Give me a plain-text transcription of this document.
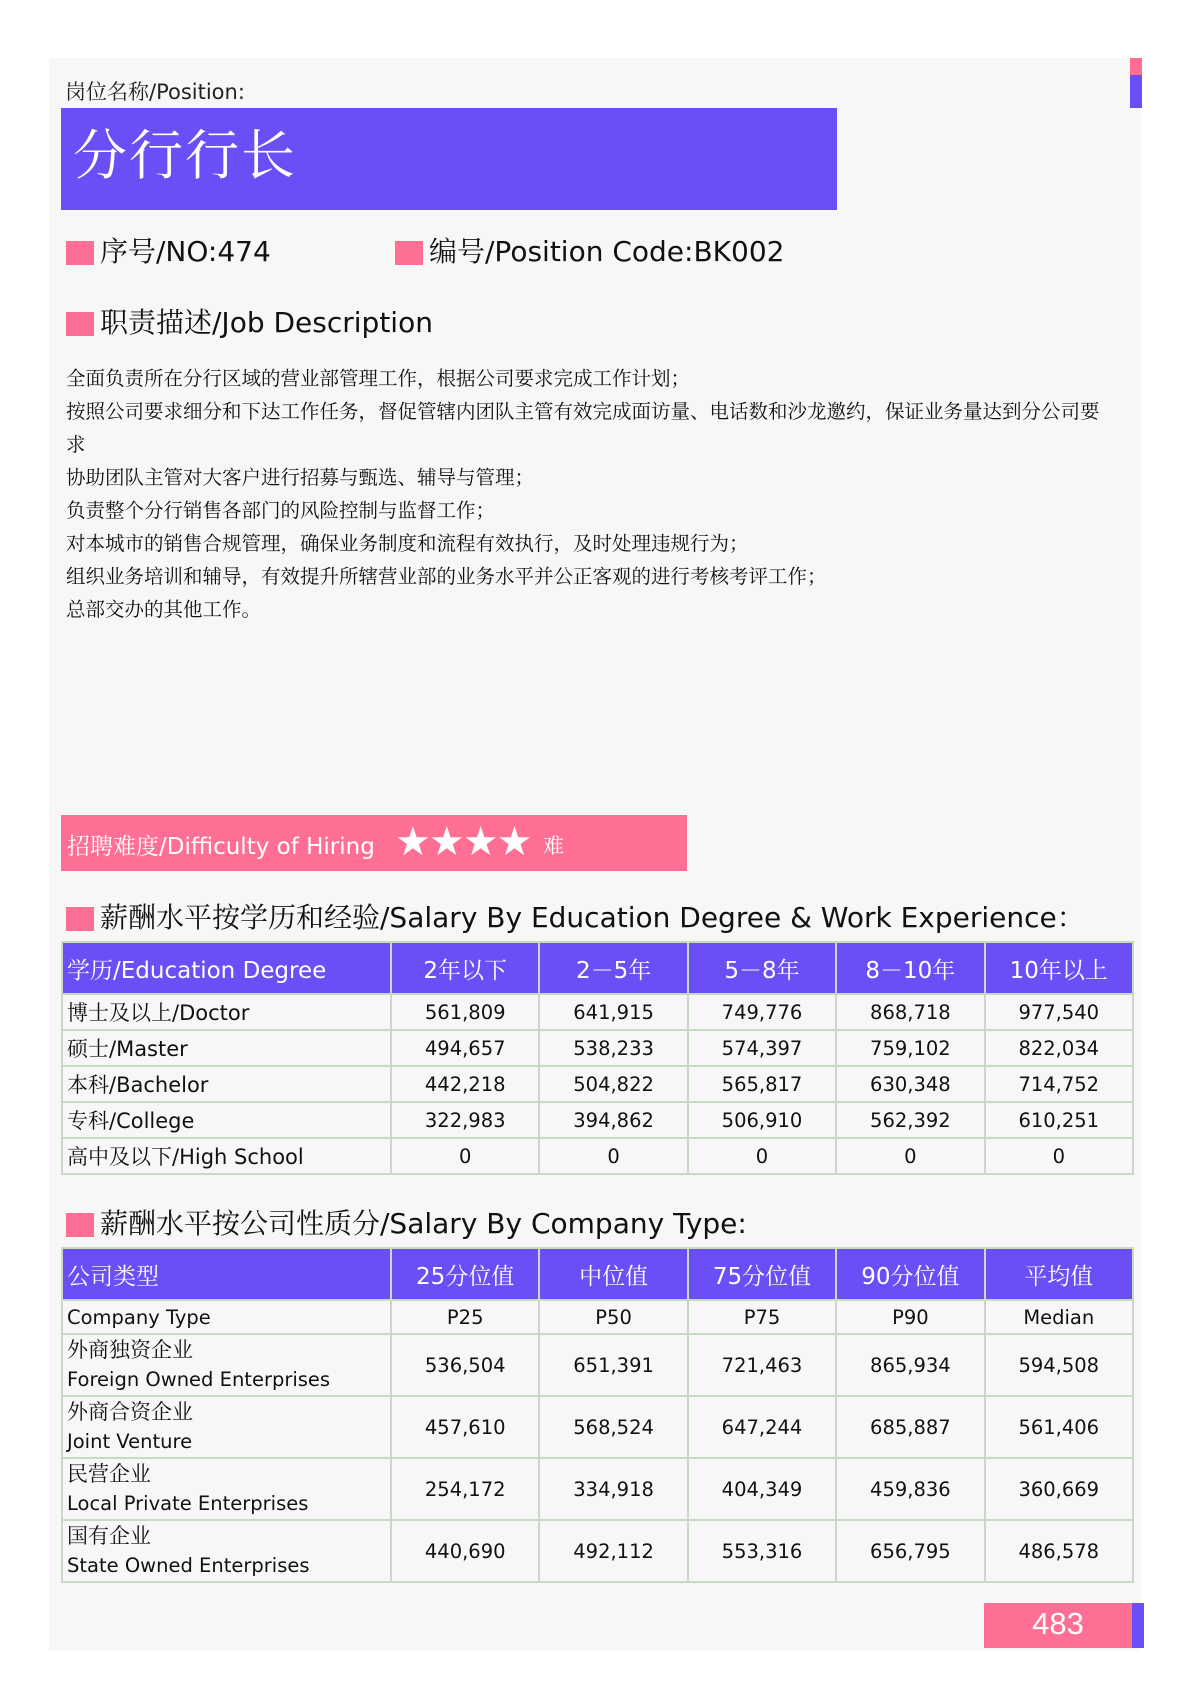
岗位名称/Position:
分行行长
序号/NO:474	编号/Position Code:BK002
职责描述/Job Description
全面负责所在分行区域的营业部管理工作，根据公司要求完成工作计划；
按照公司要求细分和下达工作任务，督促管辖内团队主管有效完成面访量、电话数和沙龙邀约，保证业务量达到分公司要
求
协助团队主管对大客户进行招募与甄选、辅导与管理；
负责整个分行销售各部门的风险控制与监督工作；
对本城市的销售合规管理，确保业务制度和流程有效执行，及时处理违规行为；
组织业务培训和辅导，有效提升所辖营业部的业务水平并公正客观的进行考核考评工作；
总部交办的其他工作。
招聘难度/Difficulty of Hiring ★★★★ 难
薪酬水平按学历和经验/Salary By Education Degree & Work Experience：
学历/Education Degree	2年以下	2－5年	5－8年	8－10年	10年以上
博士及以上/Doctor	561,809	641,915	749,776	868,718	977,540
硕士/Master	494,657	538,233	574,397	759,102	822,034
本科/Bachelor	442,218	504,822	565,817	630,348	714,752
专科/College	322,983	394,862	506,910	562,392	610,251
高中及以下/High School	0	0	0	0	0
薪酬水平按公司性质分/Salary By Company Type:
公司类型	25分位值	中位值	75分位值	90分位值	平均值
Company Type	P25	P50	P75	P90	Median

外商独资企业
Foreign Owned Enterprises	536,504	651,391	721,463	865,934	594,508

外商合资企业
Joint Venture	457,610	568,524	647,244	685,887	561,406

民营企业
Local Private Enterprises	254,172	334,918	404,349	459,836	360,669

国有企业
State Owned Enterprises	440,690	492,112	553,316	656,795	486,578
483
